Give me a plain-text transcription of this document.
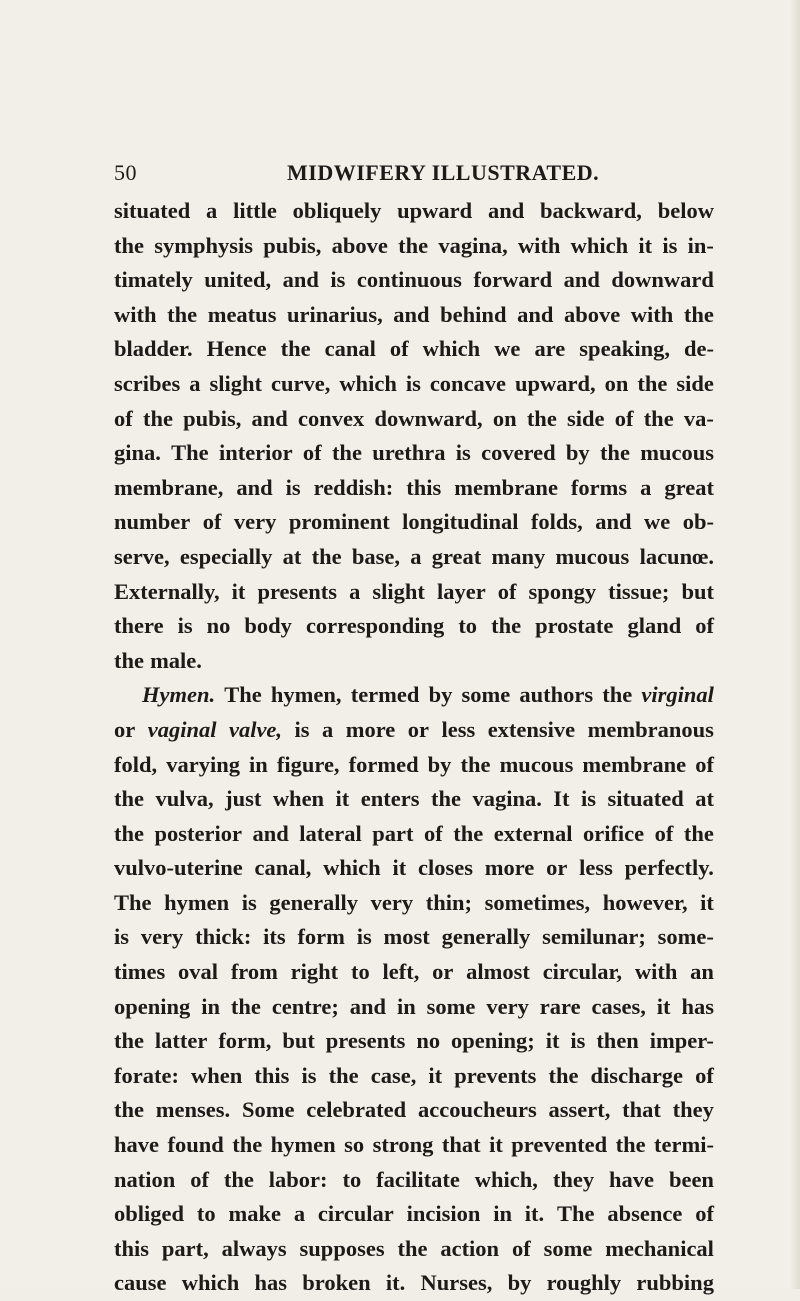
50	MIDWIFERY ILLUSTRATED.
situated a little obliquely upward and backward, below
the symphysis pubis, above the vagina, with which it is in-
timately united, and is continuous forward and downward
with the meatus urinarius, and behind and above with the
bladder. Hence the canal of which we are speaking, de-
scribes a slight curve, which is concave upward, on the side
of the pubis, and convex downward, on the side of the va-
gina. The interior of the urethra is covered by the mucous
membrane, and is reddish: this membrane forms a great
number of very prominent longitudinal folds, and we ob-
serve, especially at the base, a great many mucous lacunœ.
Externally, it presents a slight layer of spongy tissue; but
there is no body corresponding to the prostate gland of
the male.
Hymen. The hymen, termed by some authors the virginal
or vaginal valve, is a more or less extensive membranous
fold, varying in figure, formed by the mucous membrane of
the vulva, just when it enters the vagina. It is situated at
the posterior and lateral part of the external orifice of the
vulvo-uterine canal, which it closes more or less perfectly.
The hymen is generally very thin; sometimes, however, it
is very thick: its form is most generally semilunar; some-
times oval from right to left, or almost circular, with an
opening in the centre; and in some very rare cases, it has
the latter form, but presents no opening; it is then imper-
forate: when this is the case, it prevents the discharge of
the menses. Some celebrated accoucheurs assert, that they
have found the hymen so strong that it prevented the termi-
nation of the labor: to facilitate which, they have been
obliged to make a circular incision in it. The absence of
this part, always supposes the action of some mechanical
cause which has broken it. Nurses, by roughly rubbing
